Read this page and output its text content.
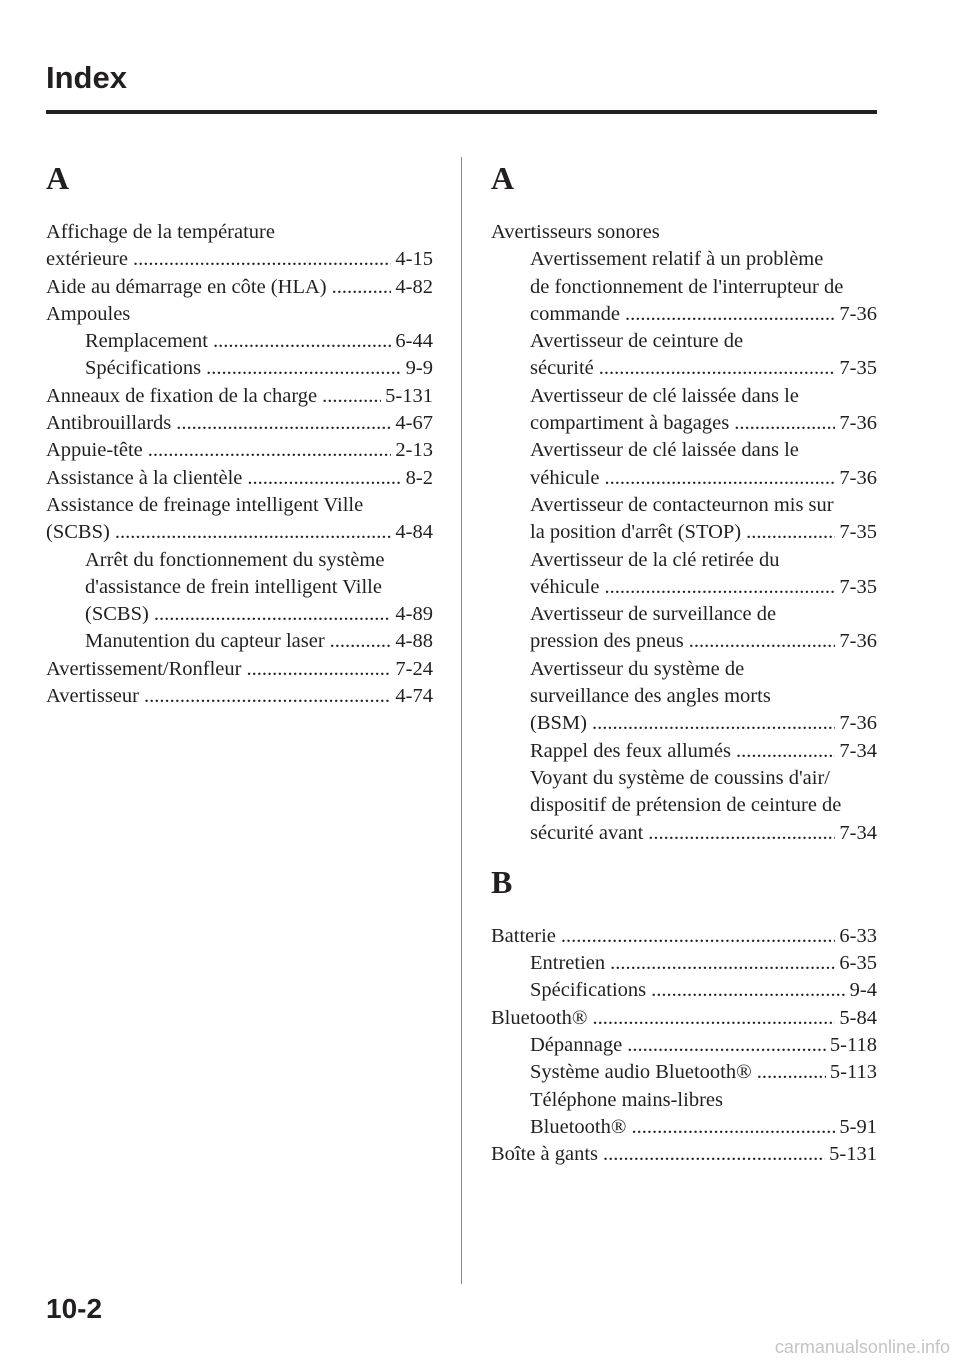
Index
A
Affichage de la température
extérieure .....	4-15
Aide au démarrage en côte (HLA) .....	4-82
Ampoules
Remplacement .....	6-44
Spécifications .....	9-9
Anneaux de fixation de la charge .....	5-131
Antibrouillards .....	4-67
Appuie-tête .....	2-13
Assistance à la clientèle .....	8-2
Assistance de freinage intelligent Ville
(SCBS) .....	4-84
Arrêt du fonctionnement du système
d'assistance de frein intelligent Ville
(SCBS) .....	4-89
Manutention du capteur laser .....	4-88
Avertissement/Ronfleur .....	7-24
Avertisseur .....	4-74
A
Avertisseurs sonores
Avertissement relatif à un problème
de fonctionnement de l'interrupteur de
commande .....	7-36
Avertisseur de ceinture de
sécurité .....	7-35
Avertisseur de clé laissée dans le
compartiment à bagages .....	7-36
Avertisseur de clé laissée dans le
véhicule .....	7-36
Avertisseur de contacteurnon mis sur
la position d'arrêt (STOP) .....	7-35
Avertisseur de la clé retirée du
véhicule .....	7-35
Avertisseur de surveillance de
pression des pneus .....	7-36
Avertisseur du système de
surveillance des angles morts
(BSM) .....	7-36
Rappel des feux allumés .....	7-34
Voyant du système de coussins d'air/
dispositif de prétension de ceinture de
sécurité avant .....	7-34
B
Batterie .....	6-33
Entretien .....	6-35
Spécifications .....	9-4
Bluetooth® .....	5-84
Dépannage .....	5-118
Système audio Bluetooth® .....	5-113
Téléphone mains-libres
Bluetooth® .....	5-91
Boîte à gants .....	5-131
10-2
carmanualsonline.info
